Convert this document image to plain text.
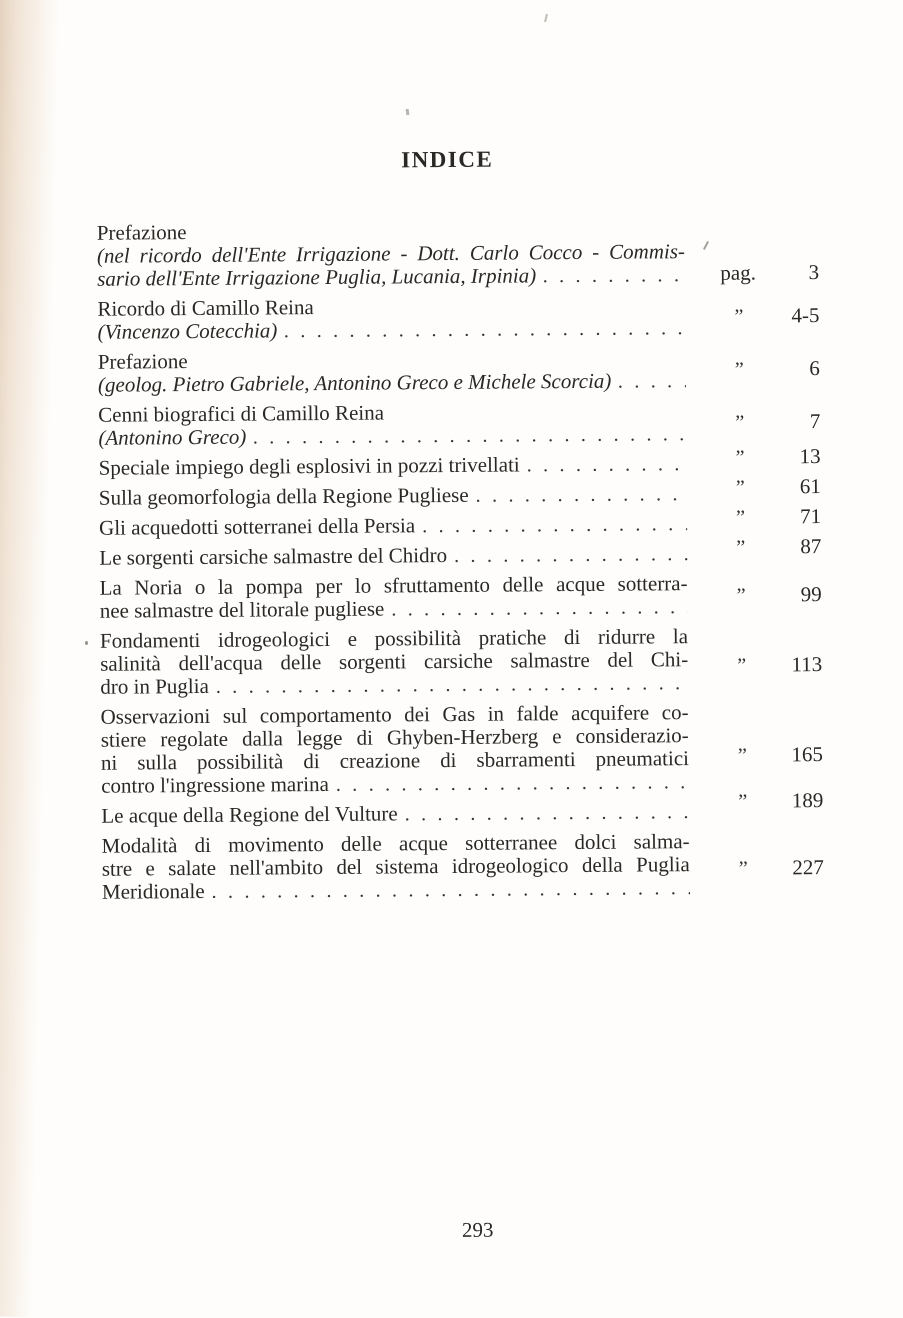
INDICE
Prefazione
(nel ricordo dell'Ente Irrigazione - Dott. Carlo Cocco - Commis-
sario dell'Ente Irrigazione Puglia, Lucania, Irpinia) . . .	pag.	3
Ricordo di Camillo Reina
(Vincenzo Cotecchia)
. . .
’’	4-5
Prefazione
(geolog. Pietro Gabriele, Antonino Greco e Michele Scorcia)
. . .	’’	6
Cenni biografici di Camillo Reina
(Antonino Greco)
. . .
’’	7
Speciale impiego degli esplosivi in pozzi trivellati . . .	’’	13
Sulla geomorfologia della Regione Pugliese . . .	’’	61
Gli acquedotti sotterranei della Persia . . .	’’	71
Le sorgenti carsiche salmastre del Chidro . . .	’’	87
La Noria o la pompa per lo sfruttamento delle acque sotterra-
nee salmastre del litorale pugliese
. . .
’’	99
Fondamenti idrogeologici e possibilità pratiche di ridurre la
salinità dell'acqua delle sorgenti carsiche salmastre del Chi-
dro in Puglia
. . .
’’	113
Osservazioni sul comportamento dei Gas in falde acquifere co-
stiere regolate dalla legge di Ghyben-Herzberg e considerazio-
ni sulla possibilità di creazione di sbarramenti pneumatici
contro l'ingressione marina
. . .
’’	165
Le acque della Regione del Vulture . . .	’’	189
Modalità di movimento delle acque sotterranee dolci salma-
stre e salate nell'ambito del sistema idrogeologico della Puglia
Meridionale
. . .
’’	227
293
